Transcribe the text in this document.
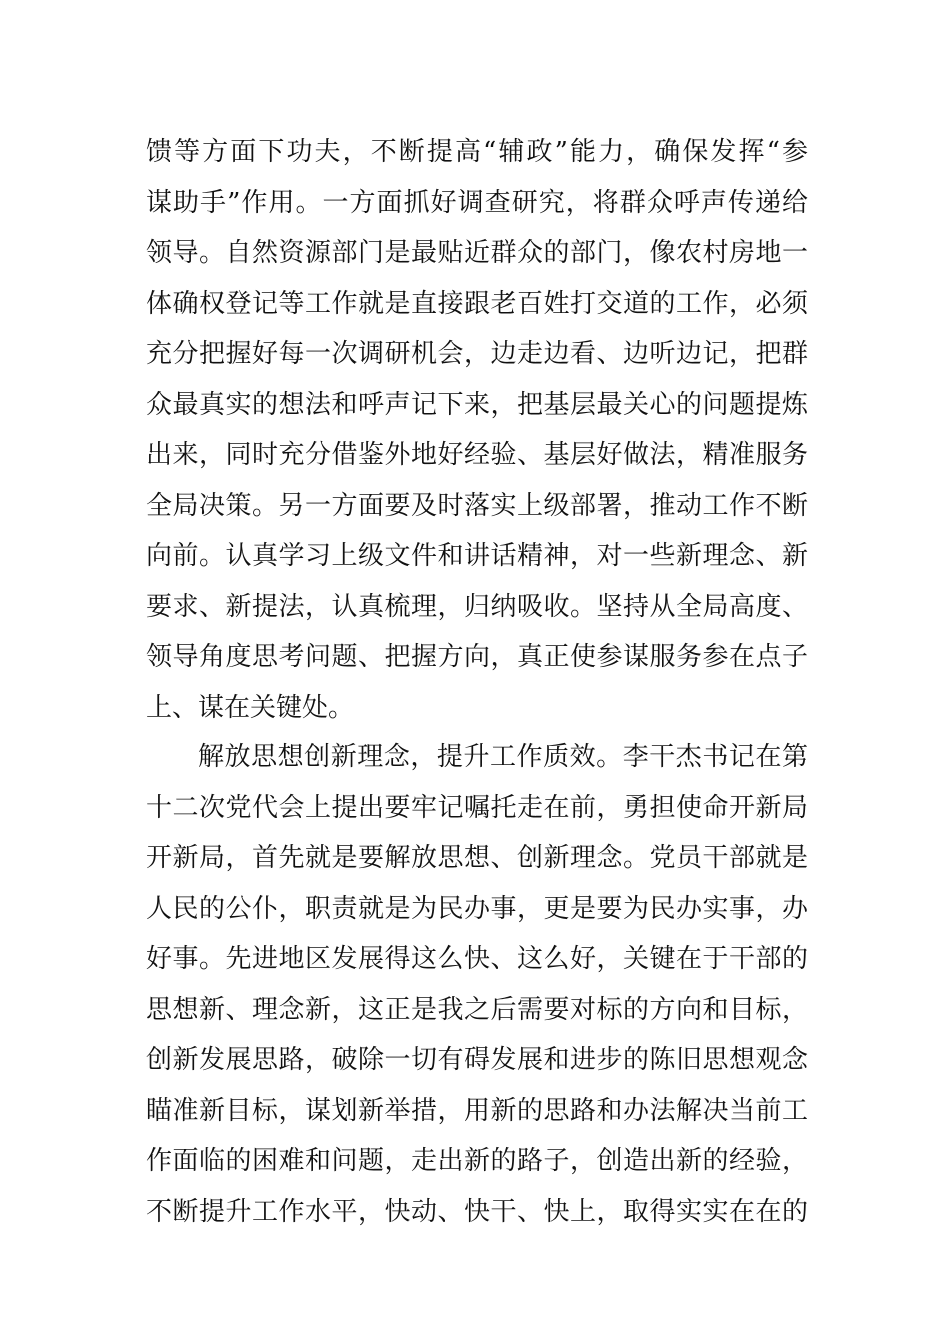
馈等方面下功夫，不断提高“辅政”能力，确保发挥“参
谋助手”作用。一方面抓好调查研究，将群众呼声传递给
领导。自然资源部门是最贴近群众的部门，像农村房地一
体确权登记等工作就是直接跟老百姓打交道的工作，必须
充分把握好每一次调研机会，边走边看、边听边记，把群
众最真实的想法和呼声记下来，把基层最关心的问题提炼
出来，同时充分借鉴外地好经验、基层好做法，精准服务
全局决策。另一方面要及时落实上级部署，推动工作不断
向前。认真学习上级文件和讲话精神，对一些新理念、新
要求、新提法，认真梳理，归纳吸收。坚持从全局高度、
领导角度思考问题、把握方向，真正使参谋服务参在点子
上、谋在关键处。
解放思想创新理念，提升工作质效。李干杰书记在第
十二次党代会上提出要牢记嘱托走在前，勇担使命开新局
开新局，首先就是要解放思想、创新理念。党员干部就是
人民的公仆，职责就是为民办事，更是要为民办实事，办
好事。先进地区发展得这么快、这么好，关键在于干部的
思想新、理念新，这正是我之后需要对标的方向和目标，
创新发展思路，破除一切有碍发展和进步的陈旧思想观念
瞄准新目标，谋划新举措，用新的思路和办法解决当前工
作面临的困难和问题，走出新的路子，创造出新的经验，
不断提升工作水平，快动、快干、快上，取得实实在在的
